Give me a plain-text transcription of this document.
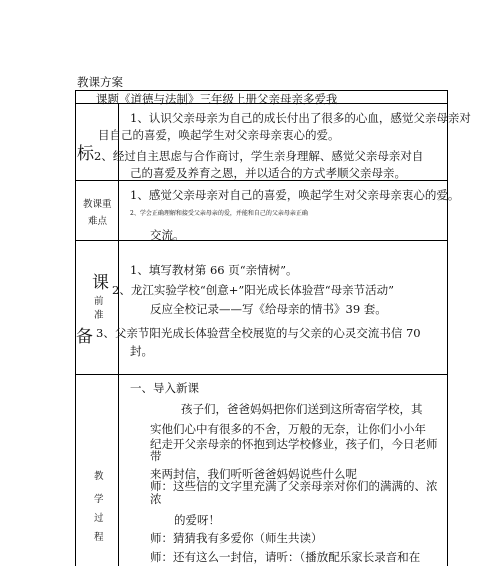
教课方案
课题《道德与法制》三年级上册父亲母亲多爱我
标
1、认识父亲母亲为自己的成长付出了很多的心血，感觉父亲母亲对
目自己的喜爱，唤起学生对父亲母亲衷心的爱。
2、经过自主思虑与合作商讨，学生亲身理解、感觉父亲母亲对自
己的喜爱及养育之恩，并以适合的方式孝顺父亲母亲。
教课重
难点
1、感觉父亲母亲对自己的喜爱，唤起学生对父亲母亲衷心的爱。
2、学会正确理解和接受父亲母亲的爱，并能和自己的父亲母亲正确
交流。
课
前
准
备
1、填写教材第 66 页“亲情树”。
2、龙江实验学校“创意+”阳光成长体验营“母亲节活动”
反应全校记录——写《给母亲的情书》39 套。
3、父亲节阳光成长体验营全校展览的与父亲的心灵交流书信 70
封。
教
学
过
程
一、导入新课
孩子们，爸爸妈妈把你们送到这所寄宿学校，其
实他们心中有很多的不舍，万般的无奈，让你们小小年
纪走开父亲母亲的怀抱到达学校修业，孩子们，今日老师
带
来两封信，我们听听爸爸妈妈说些什么呢
师：这些信的文字里充满了父亲母亲对你们的满满的、浓
浓
的爱呀！
师：猜猜我有多爱你（师生共读）
师：还有这么一封信，请听：（播放配乐家长录音和在
